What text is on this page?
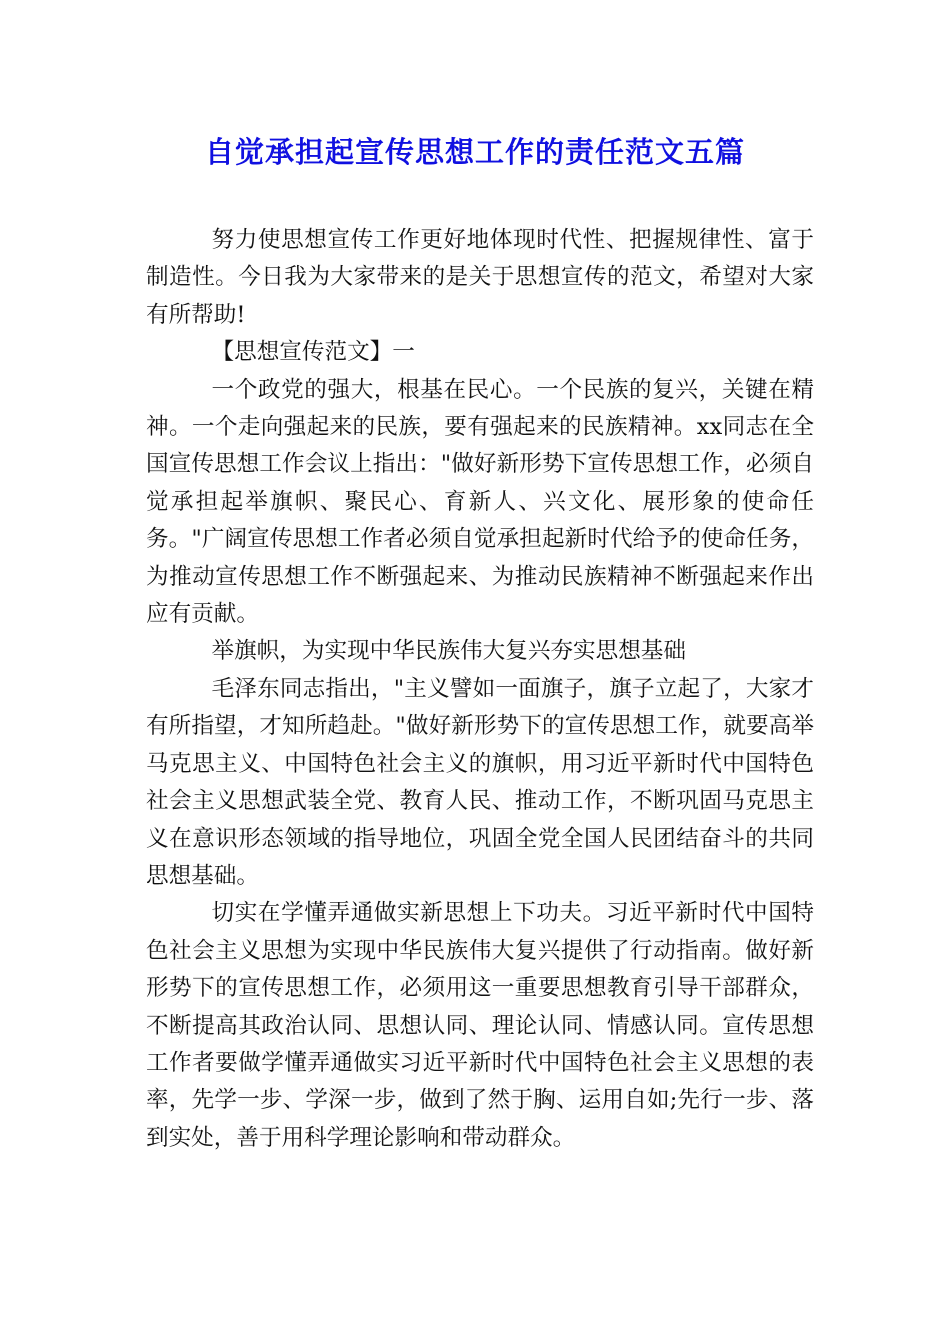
自觉承担起宣传思想工作的责任范文五篇

努力使思想宣传工作更好地体现时代性、把握规律性、富于制造性。今日我为大家带来的是关于思想宣传的范文，希望对大家有所帮助!

【思想宣传范文】一

一个政党的强大，根基在民心。一个民族的复兴，关键在精神。一个走向强起来的民族，要有强起来的民族精神。xx同志在全国宣传思想工作会议上指出："做好新形势下宣传思想工作，必须自觉承担起举旗帜、聚民心、育新人、兴文化、展形象的使命任务。"广阔宣传思想工作者必须自觉承担起新时代给予的使命任务，为推动宣传思想工作不断强起来、为推动民族精神不断强起来作出应有贡献。

举旗帜，为实现中华民族伟大复兴夯实思想基础

毛泽东同志指出，"主义譬如一面旗子，旗子立起了，大家才有所指望，才知所趋赴。"做好新形势下的宣传思想工作，就要高举马克思主义、中国特色社会主义的旗帜，用习近平新时代中国特色社会主义思想武装全党、教育人民、推动工作，不断巩固马克思主义在意识形态领域的指导地位，巩固全党全国人民团结奋斗的共同思想基础。

切实在学懂弄通做实新思想上下功夫。习近平新时代中国特色社会主义思想为实现中华民族伟大复兴提供了行动指南。做好新形势下的宣传思想工作，必须用这一重要思想教育引导干部群众，不断提高其政治认同、思想认同、理论认同、情感认同。宣传思想工作者要做学懂弄通做实习近平新时代中国特色社会主义思想的表率，先学一步、学深一步，做到了然于胸、运用自如;先行一步、落到实处，善于用科学理论影响和带动群众。
